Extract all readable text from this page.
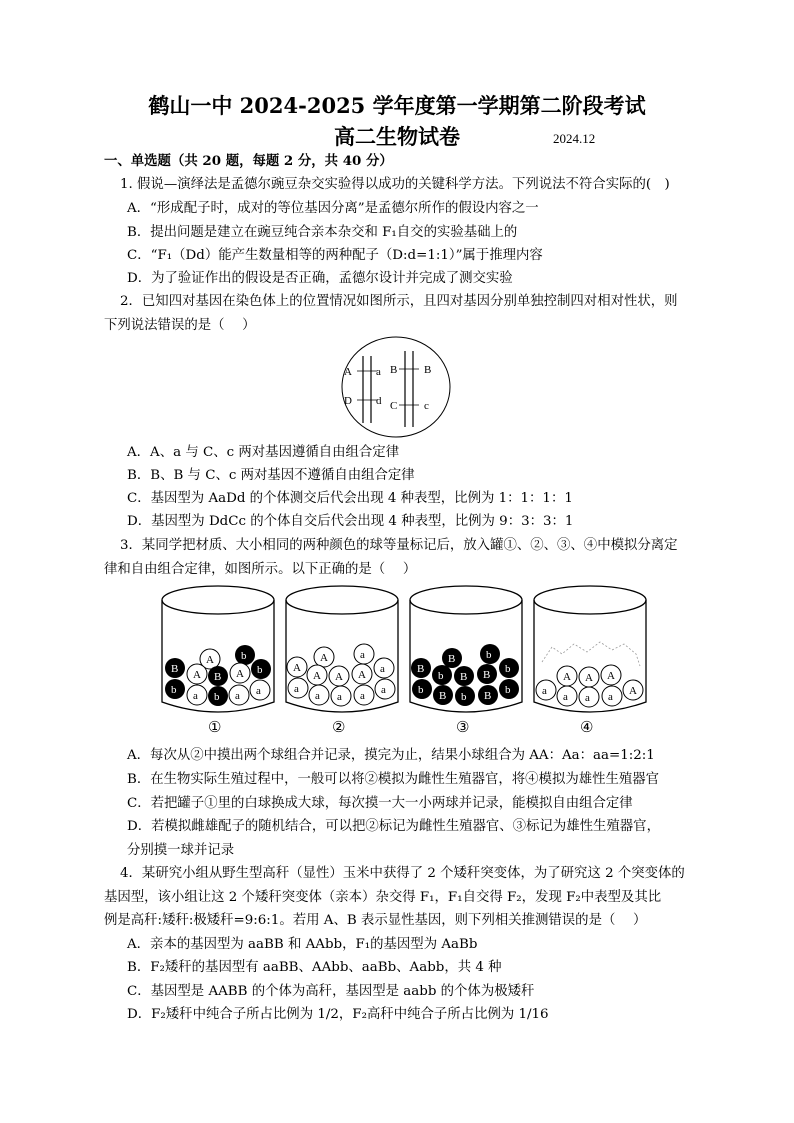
鹤山一中 2024-2025 学年度第一学期第二阶段考试
高二生物试卷	2024.12
一、单选题（共 20 题，每题 2 分，共 40 分）
1. 假说—演绎法是孟德尔豌豆杂交实验得以成功的关键科学方法。下列说法不符合实际的(　)
A．“形成配子时，成对的等位基因分离”是孟德尔所作的假设内容之一
B．提出问题是建立在豌豆纯合亲本杂交和 F₁自交的实验基础上的
C．“F₁（Dd）能产生数量相等的两种配子（D:d=1:1）”属于推理内容
D．为了验证作出的假设是否正确，孟德尔设计并完成了测交实验
2．已知四对基因在染色体上的位置情况如图所示，且四对基因分别单独控制四对相对性状，则
下列说法错误的是（　 ）
A
D
a
d
B
C
B
c
A．A、a 与 C、c 两对基因遵循自由组合定律
B．B、B 与 C、c 两对基因不遵循自由组合定律
C．基因型为 AaDd 的个体测交后代会出现 4 种表型，比例为 1：1：1：1
D．基因型为 DdCc 的个体自交后代会出现 4 种表型，比例为 9：3：3：1
3．某同学把材质、大小相同的两种颜色的球等量标记后，放入罐①、②、③、④中模拟分离定
律和自由组合定律，如图所示。以下正确的是（　 ）
A b
B A B A b
b a b a a
①
A	a
A
A A A a
a
a a a a
②
B	b
B
b B B b
b B b B b
③
A A A
a a a a A
④
A．每次从②中摸出两个球组合并记录，摸完为止，结果小球组合为 AA：Aa：aa=1:2:1
B．在生物实际生殖过程中，一般可以将②模拟为雌性生殖器官，将④模拟为雄性生殖器官
C．若把罐子①里的白球换成大球，每次摸一大一小两球并记录，能模拟自由组合定律
D．若模拟雌雄配子的随机结合，可以把②标记为雌性生殖器官、③标记为雄性生殖器官，
分别摸一球并记录
4．某研究小组从野生型高秆（显性）玉米中获得了 2 个矮秆突变体，为了研究这 2 个突变体的
基因型，该小组让这 2 个矮秆突变体（亲本）杂交得 F₁，F₁自交得 F₂，发现 F₂中表型及其比
例是高秆:矮秆:极矮秆=9:6:1。若用 A、B 表示显性基因，则下列相关推测错误的是（　 ）
A．亲本的基因型为 aaBB 和 AAbb，F₁的基因型为 AaBb
B．F₂矮秆的基因型有 aaBB、AAbb、aaBb、Aabb，共 4 种
C．基因型是 AABB 的个体为高秆，基因型是 aabb 的个体为极矮秆
D．F₂矮秆中纯合子所占比例为 1/2，F₂高秆中纯合子所占比例为 1/16
